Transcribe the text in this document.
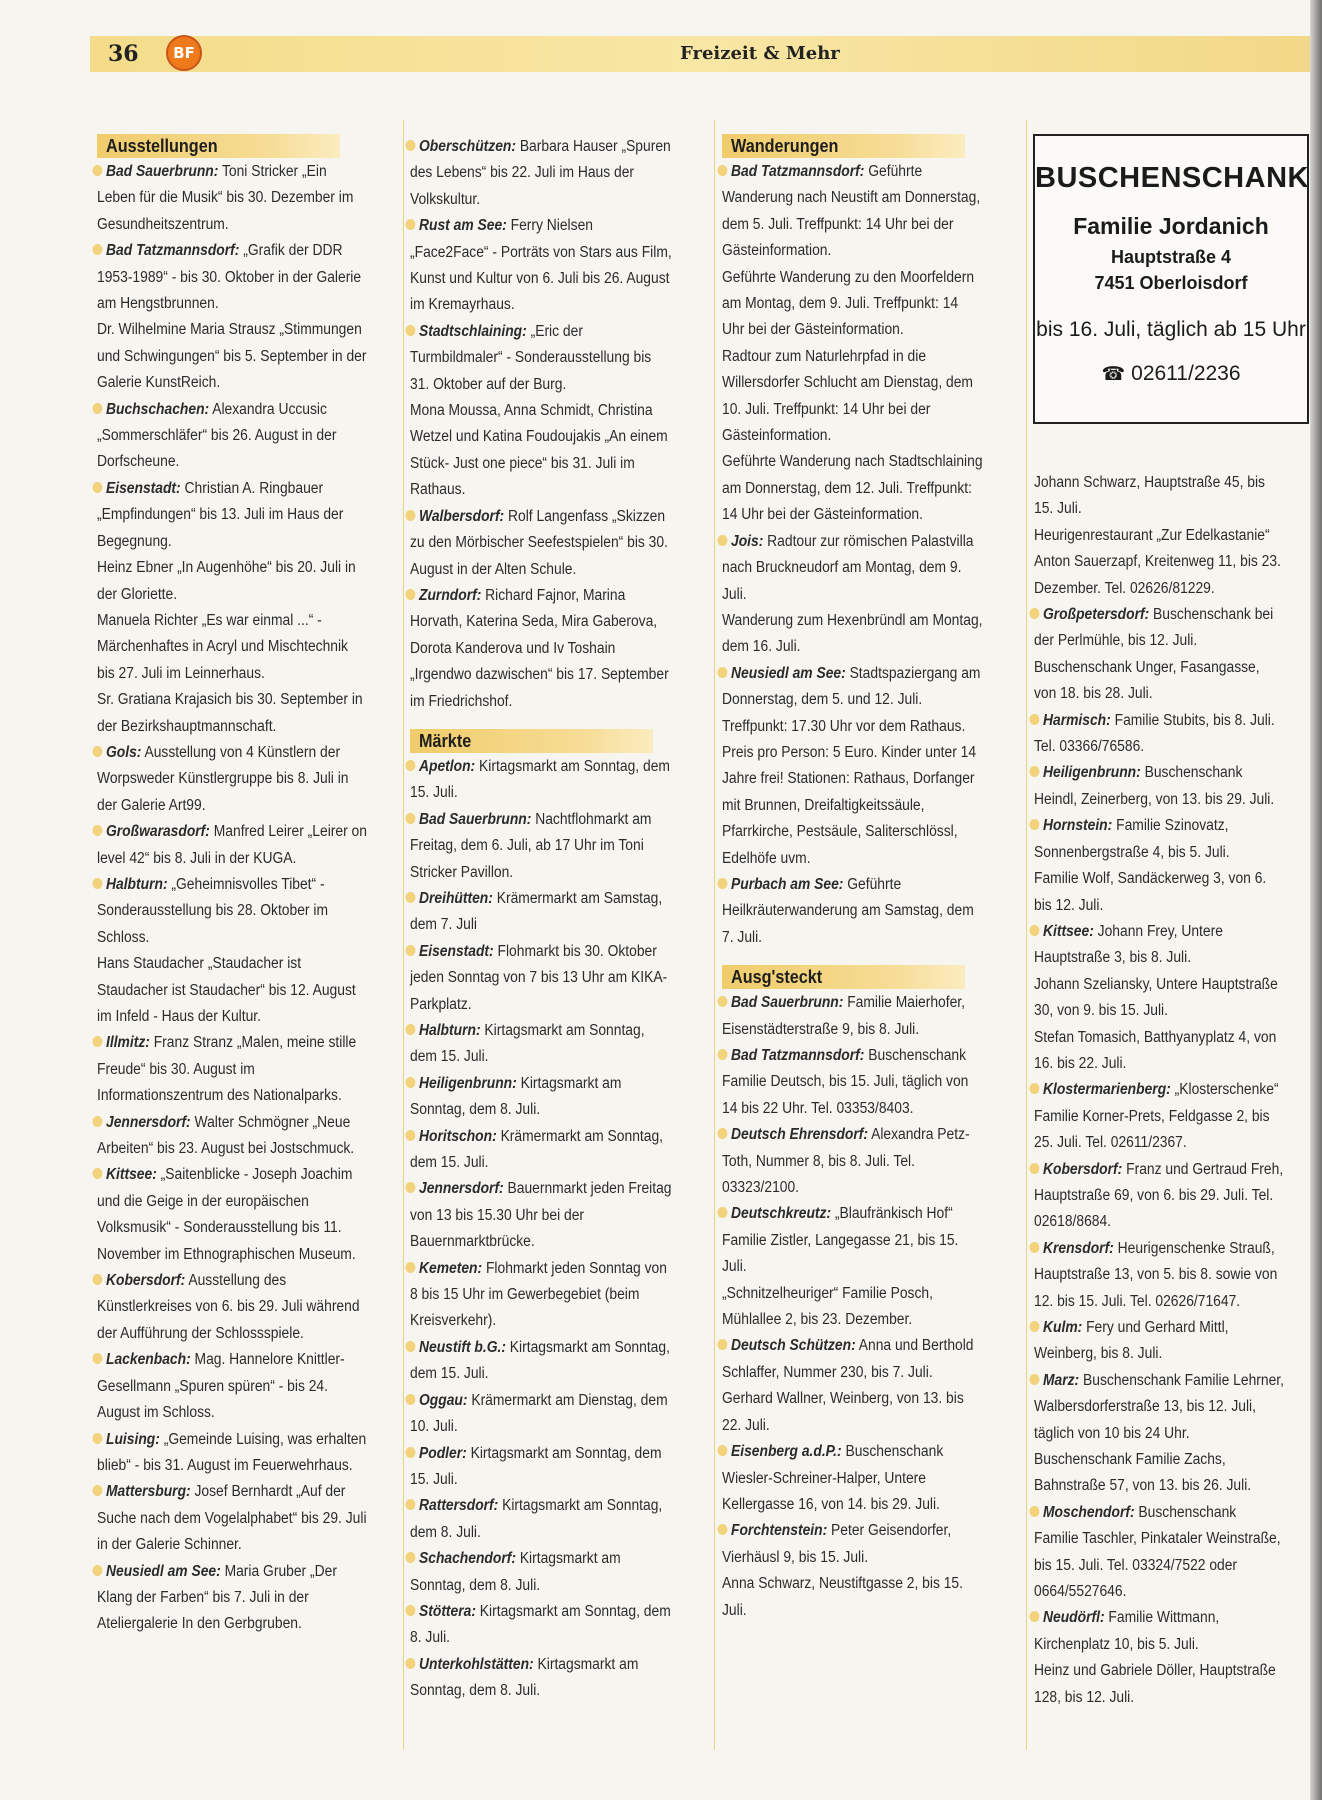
36	BF	Freizeit & Mehr
Ausstellungen

Bad Sauerbrunn: Toni Stricker „Ein Leben für die Musik“ bis 30. Dezember im Gesundheitszentrum.

Bad Tatzmannsdorf: „Grafik der DDR 1953-1989“ - bis 30. Oktober in der Galerie am Hengstbrunnen.

Dr. Wilhelmine Maria Strausz „Stimmungen und Schwingungen“ bis 5. September in der Galerie KunstReich.

Buchschachen: Alexandra Uccusic „Sommerschläfer“ bis 26. August in der Dorfscheune.

Eisenstadt: Christian A. Ringbauer „Empfindungen“ bis 13. Juli im Haus der Begegnung.

Heinz Ebner „In Augenhöhe“ bis 20. Juli in der Gloriette.

Manuela Richter „Es war einmal ...“ - Märchenhaftes in Acryl und Mischtechnik bis 27. Juli im Leinnerhaus.

Sr. Gratiana Krajasich bis 30. September in der Bezirkshauptmannschaft.

Gols: Ausstellung von 4 Künstlern der Worpsweder Künstlergruppe bis 8. Juli in der Galerie Art99.

Großwarasdorf: Manfred Leirer „Leirer on level 42“ bis 8. Juli in der KUGA.

Halbturn: „Geheimnisvolles Tibet“ - Sonderausstellung bis 28. Oktober im Schloss.

Hans Staudacher „Staudacher ist Staudacher ist Staudacher“ bis 12. August im Infeld - Haus der Kultur.

Illmitz: Franz Stranz „Malen, meine stille Freude“ bis 30. August im Informationszentrum des Nationalparks.

Jennersdorf: Walter Schmögner „Neue Arbeiten“ bis 23. August bei Jostschmuck.

Kittsee: „Saitenblicke - Joseph Joachim und die Geige in der europäischen Volksmusik“ - Sonderausstellung bis 11. November im Ethnographischen Museum.

Kobersdorf: Ausstellung des Künstlerkreises von 6. bis 29. Juli während der Aufführung der Schlossspiele.

Lackenbach: Mag. Hannelore Knittler-Gesellmann „Spuren spüren“ - bis 24. August im Schloss.

Luising: „Gemeinde Luising, was erhalten blieb“ - bis 31. August im Feuerwehrhaus.

Mattersburg: Josef Bernhardt „Auf der Suche nach dem Vogelalphabet“ bis 29. Juli in der Galerie Schinner.

Neusiedl am See: Maria Gruber „Der Klang der Farben“ bis 7. Juli in der Ateliergalerie In den Gerbgruben.

Oberschützen: Barbara Hauser „Spuren des Lebens“ bis 22. Juli im Haus der Volkskultur.

Rust am See: Ferry Nielsen „Face2Face“ - Porträts von Stars aus Film, Kunst und Kultur von 6. Juli bis 26. August im Kremayrhaus.

Stadtschlaining: „Eric der Turmbildmaler“ - Sonderausstellung bis 31. Oktober auf der Burg.

Mona Moussa, Anna Schmidt, Christina Wetzel und Katina Foudoujakis „An einem Stück- Just one piece“ bis 31. Juli im Rathaus.

Walbersdorf: Rolf Langenfass „Skizzen zu den Mörbischer Seefestspielen“ bis 30. August in der Alten Schule.

Zurndorf: Richard Fajnor, Marina Horvath, Katerina Seda, Mira Gaberova, Dorota Kanderova und Iv Toshain „Irgendwo dazwischen“ bis 17. September im Friedrichshof.

Märkte

Apetlon: Kirtagsmarkt am Sonntag, dem 15. Juli.

Bad Sauerbrunn: Nachtflohmarkt am Freitag, dem 6. Juli, ab 17 Uhr im Toni Stricker Pavillon.

Dreihütten: Krämermarkt am Samstag, dem 7. Juli

Eisenstadt: Flohmarkt bis 30. Oktober jeden Sonntag von 7 bis 13 Uhr am KIKA-Parkplatz.

Halbturn: Kirtagsmarkt am Sonntag, dem 15. Juli.

Heiligenbrunn: Kirtagsmarkt am Sonntag, dem 8. Juli.

Horitschon: Krämermarkt am Sonntag, dem 15. Juli.

Jennersdorf: Bauernmarkt jeden Freitag von 13 bis 15.30 Uhr bei der Bauernmarktbrücke.

Kemeten: Flohmarkt jeden Sonntag von 8 bis 15 Uhr im Gewerbegebiet (beim Kreisverkehr).

Neustift b.G.: Kirtagsmarkt am Sonntag, dem 15. Juli.

Oggau: Krämermarkt am Dienstag, dem 10. Juli.

Podler: Kirtagsmarkt am Sonntag, dem 15. Juli.

Rattersdorf: Kirtagsmarkt am Sonntag, dem 8. Juli.

Schachendorf: Kirtagsmarkt am Sonntag, dem 8. Juli.

Stöttera: Kirtagsmarkt am Sonntag, dem 8. Juli.

Unterkohlstätten: Kirtagsmarkt am Sonntag, dem 8. Juli.

Wanderungen

Bad Tatzmannsdorf: Geführte Wanderung nach Neustift am Donnerstag, dem 5. Juli. Treffpunkt: 14 Uhr bei der Gästeinformation.

Geführte Wanderung zu den Moorfeldern am Montag, dem 9. Juli. Treffpunkt: 14 Uhr bei der Gästeinformation.

Radtour zum Naturlehrpfad in die Willersdorfer Schlucht am Dienstag, dem 10. Juli. Treffpunkt: 14 Uhr bei der Gästeinformation.

Geführte Wanderung nach Stadtschlaining am Donnerstag, dem 12. Juli. Treffpunkt: 14 Uhr bei der Gästeinformation.

Jois: Radtour zur römischen Palastvilla nach Bruckneudorf am Montag, dem 9. Juli.

Wanderung zum Hexenbründl am Montag, dem 16. Juli.

Neusiedl am See: Stadtspaziergang am Donnerstag, dem 5. und 12. Juli. Treffpunkt: 17.30 Uhr vor dem Rathaus. Preis pro Person: 5 Euro. Kinder unter 14 Jahre frei! Stationen: Rathaus, Dorfanger mit Brunnen, Dreifaltigkeitssäule, Pfarrkirche, Pestsäule, Saliterschlössl, Edelhöfe uvm.

Purbach am See: Geführte Heilkräuterwanderung am Samstag, dem 7. Juli.

Ausg'steckt

Bad Sauerbrunn: Familie Maierhofer, Eisenstädterstraße 9, bis 8. Juli.

Bad Tatzmannsdorf: Buschenschank Familie Deutsch, bis 15. Juli, täglich von 14 bis 22 Uhr. Tel. 03353/8403.

Deutsch Ehrensdorf: Alexandra Petz-Toth, Nummer 8, bis 8. Juli. Tel. 03323/2100.

Deutschkreutz: „Blaufränkisch Hof“ Familie Zistler, Langegasse 21, bis 15. Juli.

„Schnitzelheuriger“ Familie Posch, Mühlallee 2, bis 23. Dezember.

Deutsch Schützen: Anna und Berthold Schlaffer, Nummer 230, bis 7. Juli.

Gerhard Wallner, Weinberg, von 13. bis 22. Juli.

Eisenberg a.d.P.: Buschenschank Wiesler-Schreiner-Halper, Untere Kellergasse 16, von 14. bis 29. Juli.

Forchtenstein: Peter Geisendorfer, Vierhäusl 9, bis 15. Juli.

Anna Schwarz, Neustiftgasse 2, bis 15. Juli.

BUSCHENSCHANK
Familie Jordanich
Hauptstraße 4
7451 Oberloisdorf
bis 16. Juli, täglich ab 15 Uhr
☎ 02611/2236

Johann Schwarz, Hauptstraße 45, bis 15. Juli.

Heurigenrestaurant „Zur Edelkastanie“ Anton Sauerzapf, Kreitenweg 11, bis 23. Dezember. Tel. 02626/81229.

Großpetersdorf: Buschenschank bei der Perlmühle, bis 12. Juli.

Buschenschank Unger, Fasangasse, von 18. bis 28. Juli.

Harmisch: Familie Stubits, bis 8. Juli. Tel. 03366/76586.

Heiligenbrunn: Buschenschank Heindl, Zeinerberg, von 13. bis 29. Juli.

Hornstein: Familie Szinovatz, Sonnenbergstraße 4, bis 5. Juli.

Familie Wolf, Sandäckerweg 3, von 6. bis 12. Juli.

Kittsee: Johann Frey, Untere Hauptstraße 3, bis 8. Juli.

Johann Szeliansky, Untere Hauptstraße 30, von 9. bis 15. Juli.

Stefan Tomasich, Batthyanyplatz 4, von 16. bis 22. Juli.

Klostermarienberg: „Klosterschenke“ Familie Korner-Prets, Feldgasse 2, bis 25. Juli. Tel. 02611/2367.

Kobersdorf: Franz und Gertraud Freh, Hauptstraße 69, von 6. bis 29. Juli. Tel. 02618/8684.

Krensdorf: Heurigenschenke Strauß, Hauptstraße 13, von 5. bis 8. sowie von 12. bis 15. Juli. Tel. 02626/71647.

Kulm: Fery und Gerhard Mittl, Weinberg, bis 8. Juli.

Marz: Buschenschank Familie Lehrner, Walbersdorferstraße 13, bis 12. Juli, täglich von 10 bis 24 Uhr.

Buschenschank Familie Zachs, Bahnstraße 57, von 13. bis 26. Juli.

Moschendorf: Buschenschank Familie Taschler, Pinkataler Weinstraße, bis 15. Juli. Tel. 03324/7522 oder 0664/5527646.

Neudörfl: Familie Wittmann, Kirchenplatz 10, bis 5. Juli.

Heinz und Gabriele Döller, Hauptstraße 128, bis 12. Juli.
